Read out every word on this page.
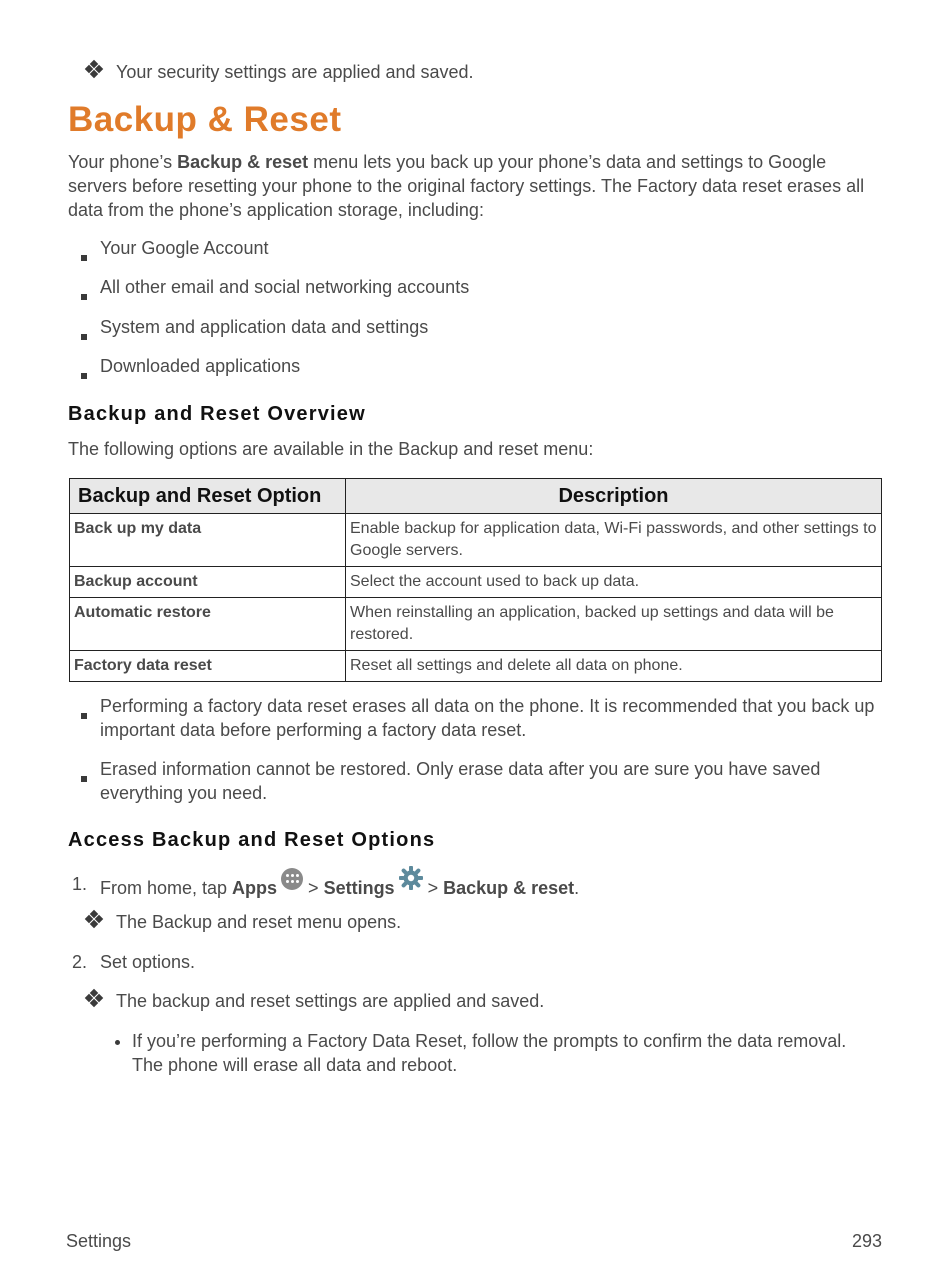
Your security settings are applied and saved.
Backup & Reset
Your phone’s Backup & reset menu lets you back up your phone’s data and settings to Google servers before resetting your phone to the original factory settings. The Factory data reset erases all data from the phone’s application storage, including:
Your Google Account
All other email and social networking accounts
System and application data and settings
Downloaded applications
Backup and Reset Overview
The following options are available in the Backup and reset menu:
Backup and Reset Option	Description
Back up my data	Enable backup for application data, Wi-Fi passwords, and other settings to Google servers.
Backup account	Select the account used to back up data.
Automatic restore	When reinstalling an application, backed up settings and data will be restored.
Factory data reset	Reset all settings and delete all data on phone.
Performing a factory data reset erases all data on the phone. It is recommended that you back up important data before performing a factory data reset.
Erased information cannot be restored. Only erase data after you are sure you have saved everything you need.
Access Backup and Reset Options
1. From home, tap Apps
> Settings > Backup & reset.
The Backup and reset menu opens.
2. Set options.
The backup and reset settings are applied and saved.
If you’re performing a Factory Data Reset, follow the prompts to confirm the data removal. The phone will erase all data and reboot.
Settings	293
